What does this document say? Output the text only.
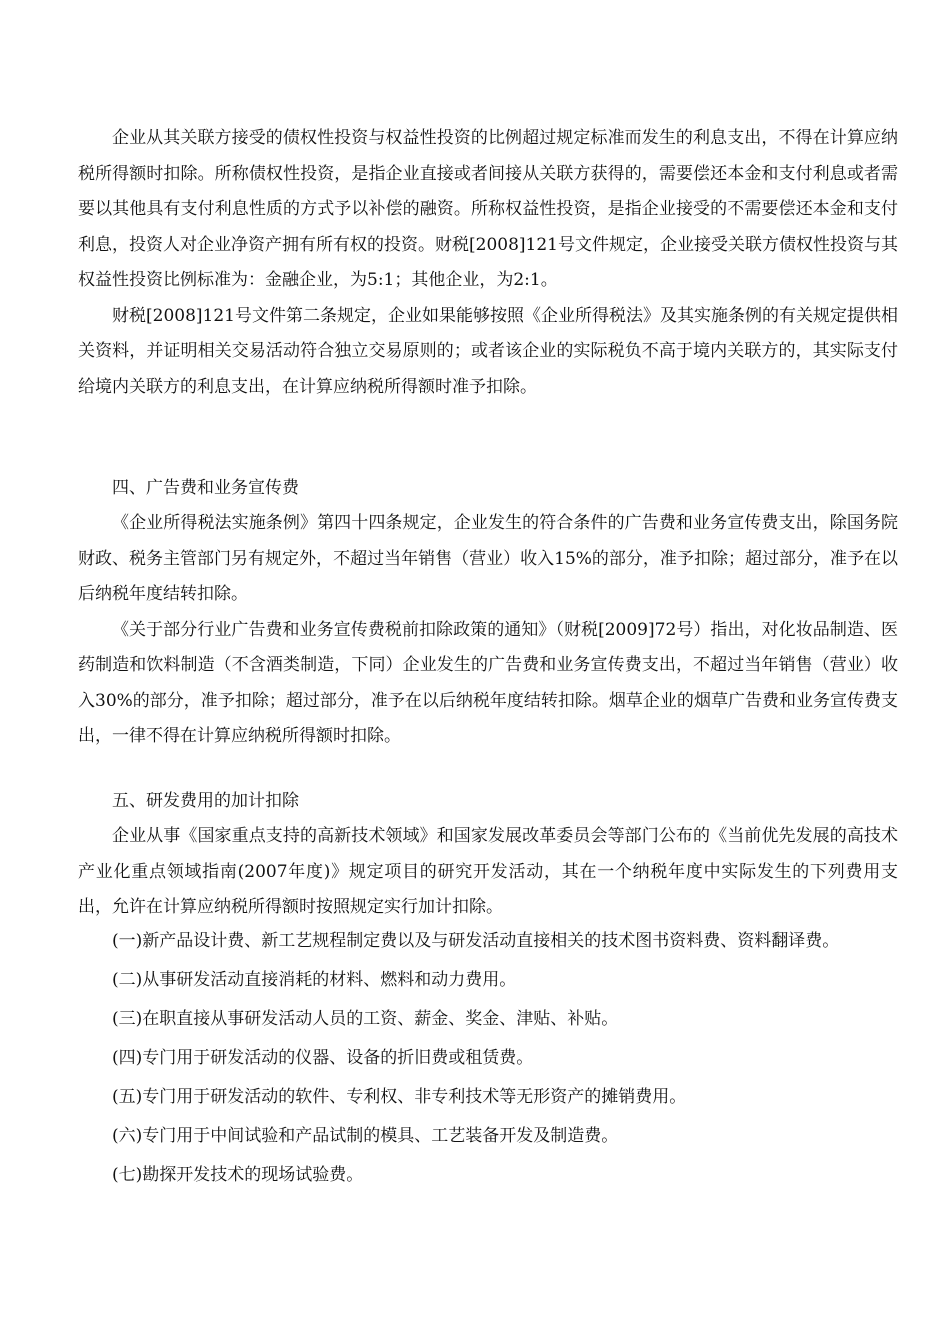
企业从其关联方接受的债权性投资与权益性投资的比例超过规定标准而发生的利息支出，不得在计算应纳税所得额时扣除。所称债权性投资，是指企业直接或者间接从关联方获得的，需要偿还本金和支付利息或者需要以其他具有支付利息性质的方式予以补偿的融资。所称权益性投资，是指企业接受的不需要偿还本金和支付利息，投资人对企业净资产拥有所有权的投资。财税[2008]121号文件规定，企业接受关联方债权性投资与其权益性投资比例标准为：金融企业，为5:1；其他企业，为2:1。

财税[2008]121号文件第二条规定，企业如果能够按照《企业所得税法》及其实施条例的有关规定提供相关资料，并证明相关交易活动符合独立交易原则的；或者该企业的实际税负不高于境内关联方的，其实际支付给境内关联方的利息支出，在计算应纳税所得额时准予扣除。

四、广告费和业务宣传费

《企业所得税法实施条例》第四十四条规定，企业发生的符合条件的广告费和业务宣传费支出，除国务院财政、税务主管部门另有规定外，不超过当年销售（营业）收入15%的部分，准予扣除；超过部分，准予在以后纳税年度结转扣除。

《关于部分行业广告费和业务宣传费税前扣除政策的通知》（财税[2009]72号）指出，对化妆品制造、医药制造和饮料制造（不含酒类制造，下同）企业发生的广告费和业务宣传费支出，不超过当年销售（营业）收入30%的部分，准予扣除；超过部分，准予在以后纳税年度结转扣除。烟草企业的烟草广告费和业务宣传费支出，一律不得在计算应纳税所得额时扣除。

五、研发费用的加计扣除

企业从事《国家重点支持的高新技术领域》和国家发展改革委员会等部门公布的《当前优先发展的高技术产业化重点领域指南(2007年度)》规定项目的研究开发活动，其在一个纳税年度中实际发生的下列费用支出，允许在计算应纳税所得额时按照规定实行加计扣除。

(一)新产品设计费、新工艺规程制定费以及与研发活动直接相关的技术图书资料费、资料翻译费。

(二)从事研发活动直接消耗的材料、燃料和动力费用。

(三)在职直接从事研发活动人员的工资、薪金、奖金、津贴、补贴。

(四)专门用于研发活动的仪器、设备的折旧费或租赁费。

(五)专门用于研发活动的软件、专利权、非专利技术等无形资产的摊销费用。

(六)专门用于中间试验和产品试制的模具、工艺装备开发及制造费。

(七)勘探开发技术的现场试验费。
